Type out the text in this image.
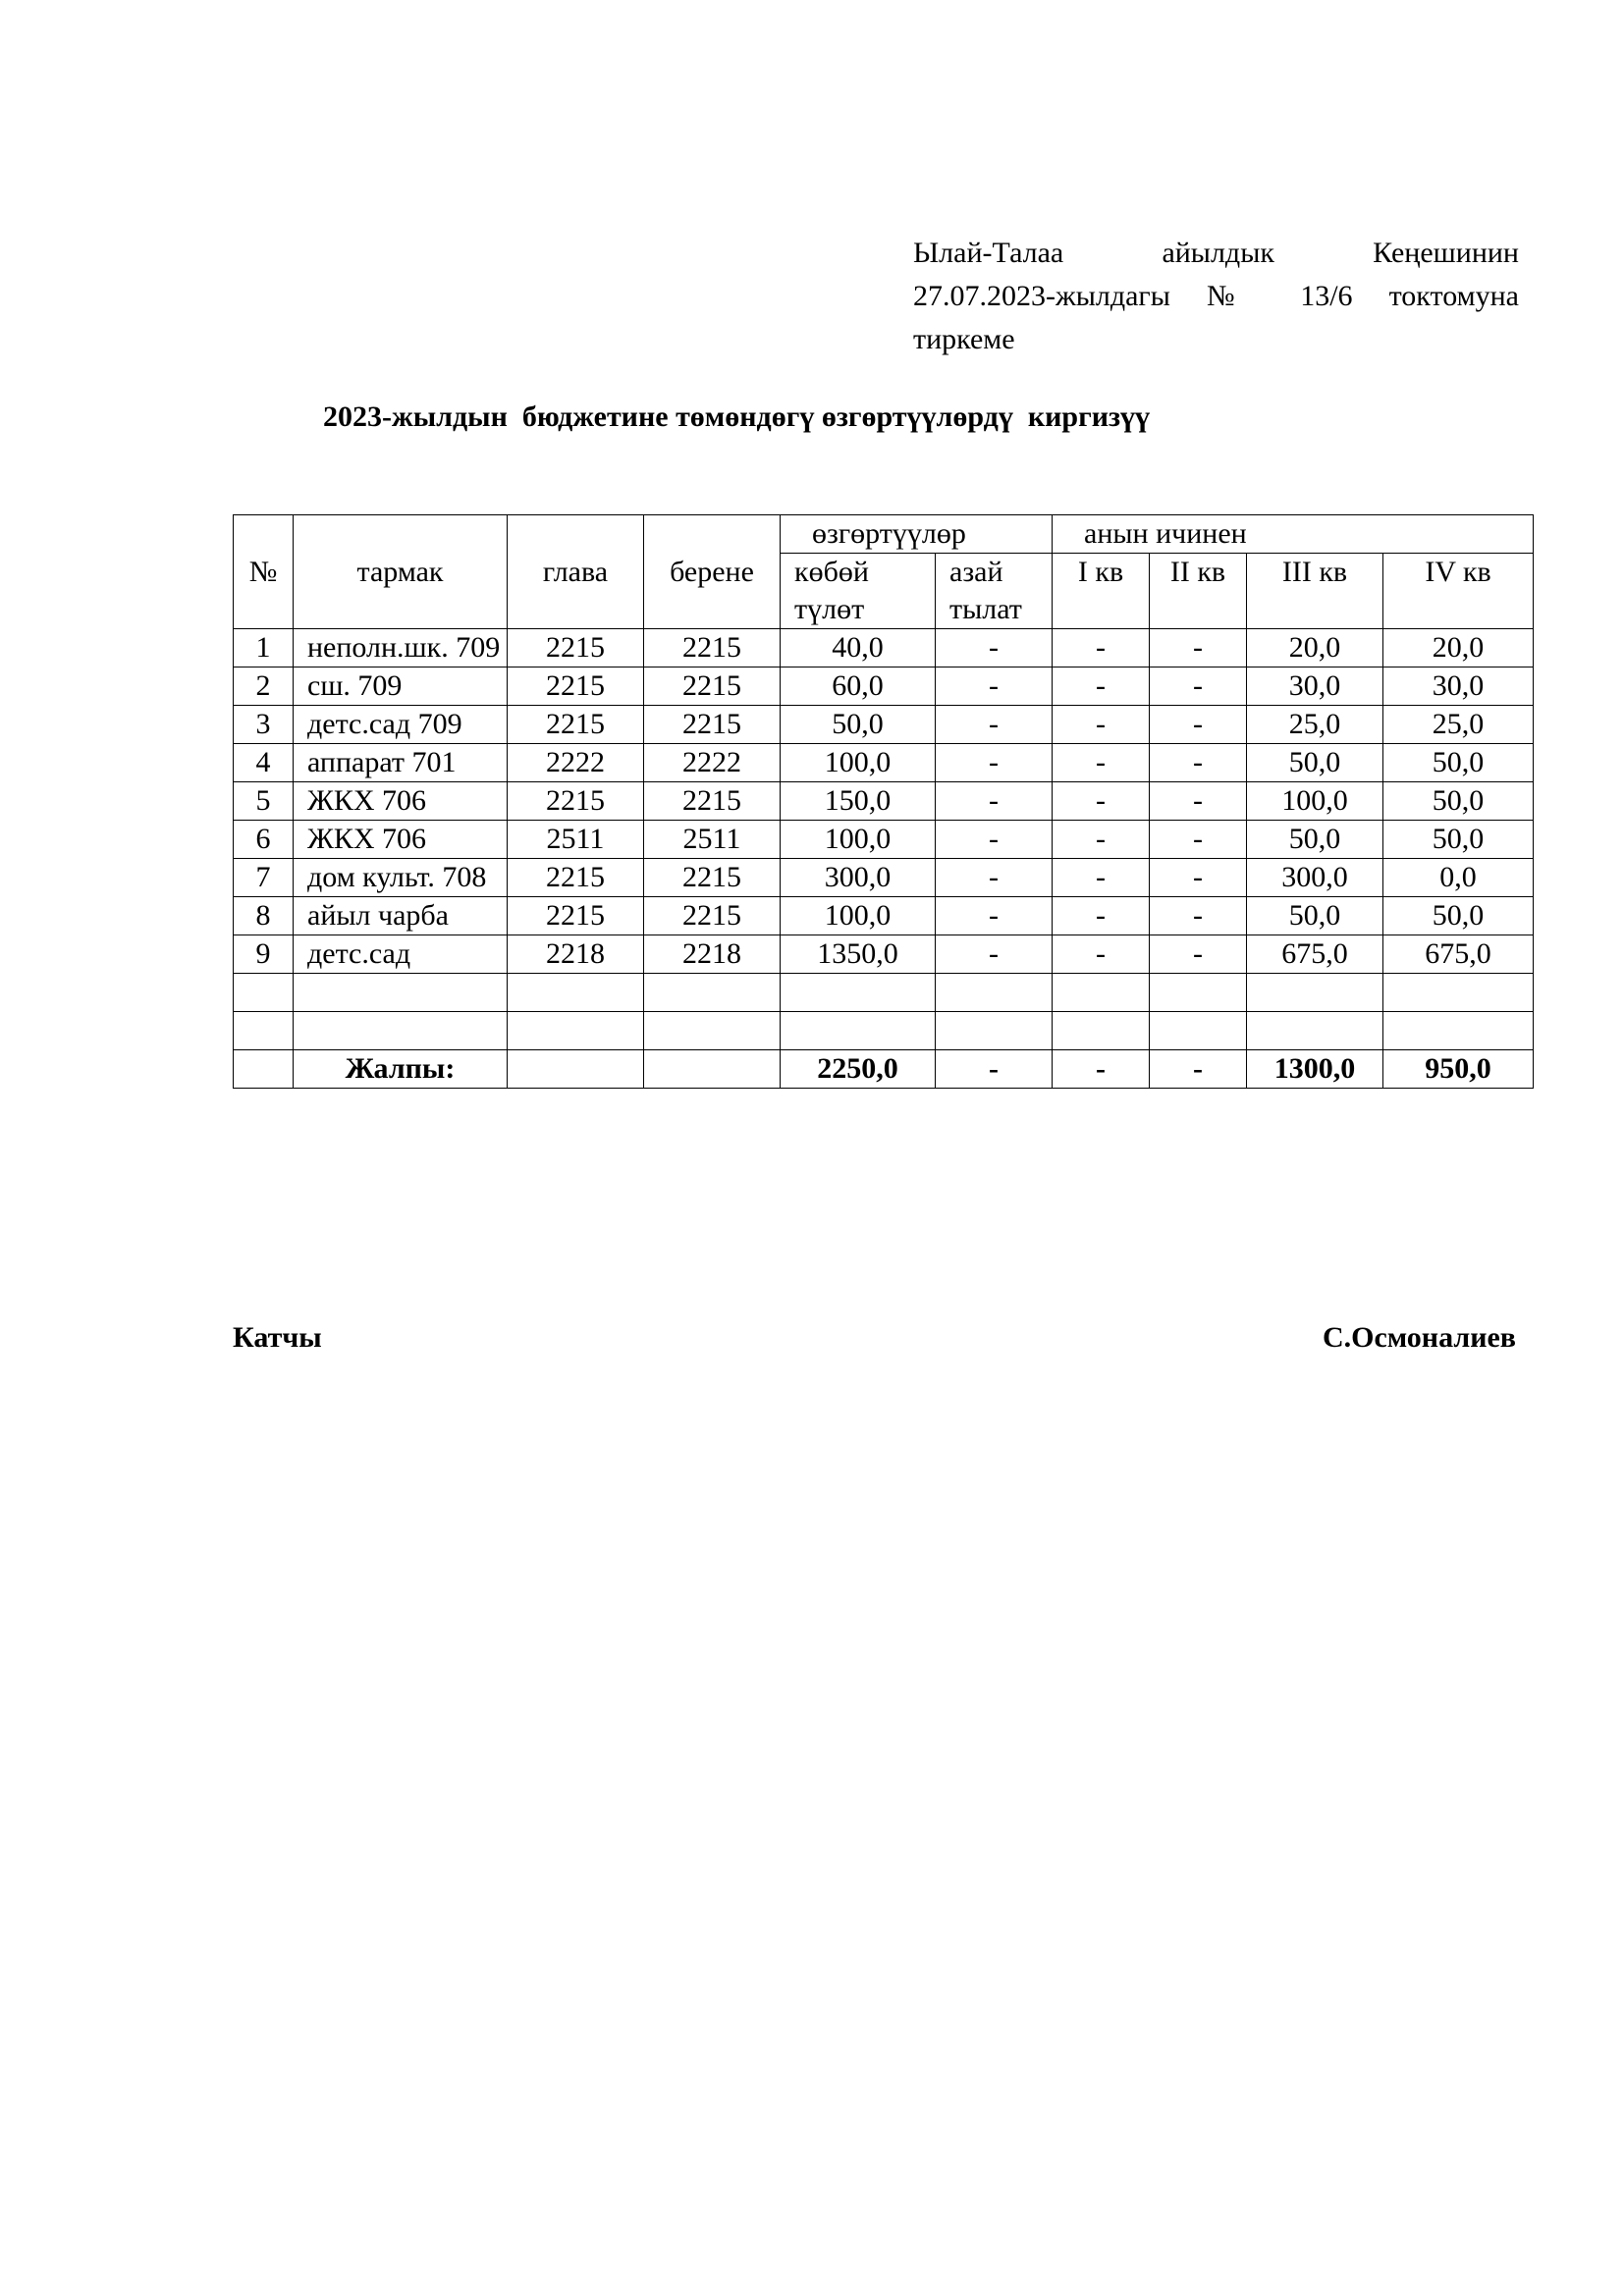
Ылай-Талаа айылдык Кеңешинин
27.07.2023-жылдагы № 13/6 токтомуна
тиркеме
2023-жылдын  бюджетине төмөндөгү өзгөртүүлөрдү  киргизүү
№	тармак	глава	берене	өзгөртүүлөр		анын ичинен			
				көбөй түлөт	азай тылат	I кв	II кв	III кв	IV кв
1	неполн.шк. 709	2215	2215	40,0	-	-	-	20,0	20,0
2	сш. 709	2215	2215	60,0	-	-	-	30,0	30,0
3	детс.сад 709	2215	2215	50,0	-	-	-	25,0	25,0
4	аппарат 701	2222	2222	100,0	-	-	-	50,0	50,0
5	ЖКХ 706	2215	2215	150,0	-	-	-	100,0	50,0
6	ЖКХ 706	2511	2511	100,0	-	-	-	50,0	50,0
7	дом культ. 708	2215	2215	300,0	-	-	-	300,0	0,0
8	айыл чарба	2215	2215	100,0	-	-	-	50,0	50,0
9	детс.сад	2218	2218	1350,0	-	-	-	675,0	675,0

	Жалпы:			2250,0	-	-	-	1300,0	950,0
Катчы	С.Осмоналиев
